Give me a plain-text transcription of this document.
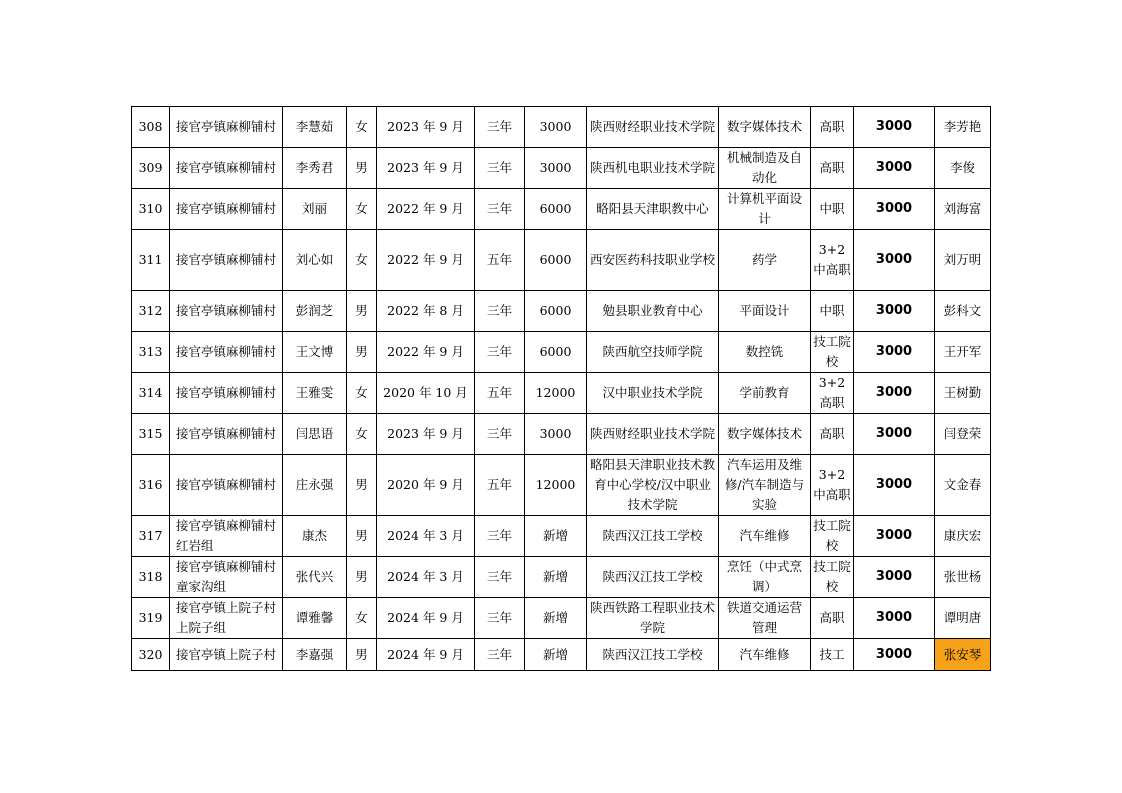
308	接官亭镇麻柳铺村	李慧茹	女	2023 年 9 月	三年	3000	陕西财经职业技术学院	数字媒体技术	高职	3000	李芳艳
309	接官亭镇麻柳铺村	李秀君	男	2023 年 9 月	三年	3000	陕西机电职业技术学院	机械制造及自动化	高职	3000	李俊
310	接官亭镇麻柳铺村	刘丽	女	2022 年 9 月	三年	6000	略阳县天津职教中心	计算机平面设计	中职	3000	刘海富
311	接官亭镇麻柳铺村	刘心如	女	2022 年 9 月	五年	6000	西安医药科技职业学校	药学	3+2 中高职	3000	刘万明
312	接官亭镇麻柳铺村	彭润芝	男	2022 年 8 月	三年	6000	勉县职业教育中心	平面设计	中职	3000	彭科文
313	接官亭镇麻柳铺村	王文博	男	2022 年 9 月	三年	6000	陕西航空技师学院	数控铣	技工院校	3000	王开军
314	接官亭镇麻柳铺村	王雅雯	女	2020 年 10 月	五年	12000	汉中职业技术学院	学前教育	3+2 高职	3000	王树勤
315	接官亭镇麻柳铺村	闫思语	女	2023 年 9 月	三年	3000	陕西财经职业技术学院	数字媒体技术	高职	3000	闫登荣
316	接官亭镇麻柳铺村	庄永强	男	2020 年 9 月	五年	12000	略阳县天津职业技术教育中心学校/汉中职业技术学院	汽车运用及维修/汽车制造与实验	3+2 中高职	3000	文金春
317	接官亭镇麻柳铺村红岩组	康杰	男	2024 年 3 月	三年	新增	陕西汉江技工学校	汽车维修	技工院校	3000	康庆宏
318	接官亭镇麻柳铺村童家沟组	张代兴	男	2024 年 3 月	三年	新增	陕西汉江技工学校	烹饪（中式烹调）	技工院校	3000	张世杨
319	接官亭镇上院子村上院子组	谭雅馨	女	2024 年 9 月	三年	新增	陕西铁路工程职业技术学院	铁道交通运营管理	高职	3000	谭明唐
320	接官亭镇上院子村	李嘉强	男	2024 年 9 月	三年	新增	陕西汉江技工学校	汽车维修	技工	3000	张安琴
